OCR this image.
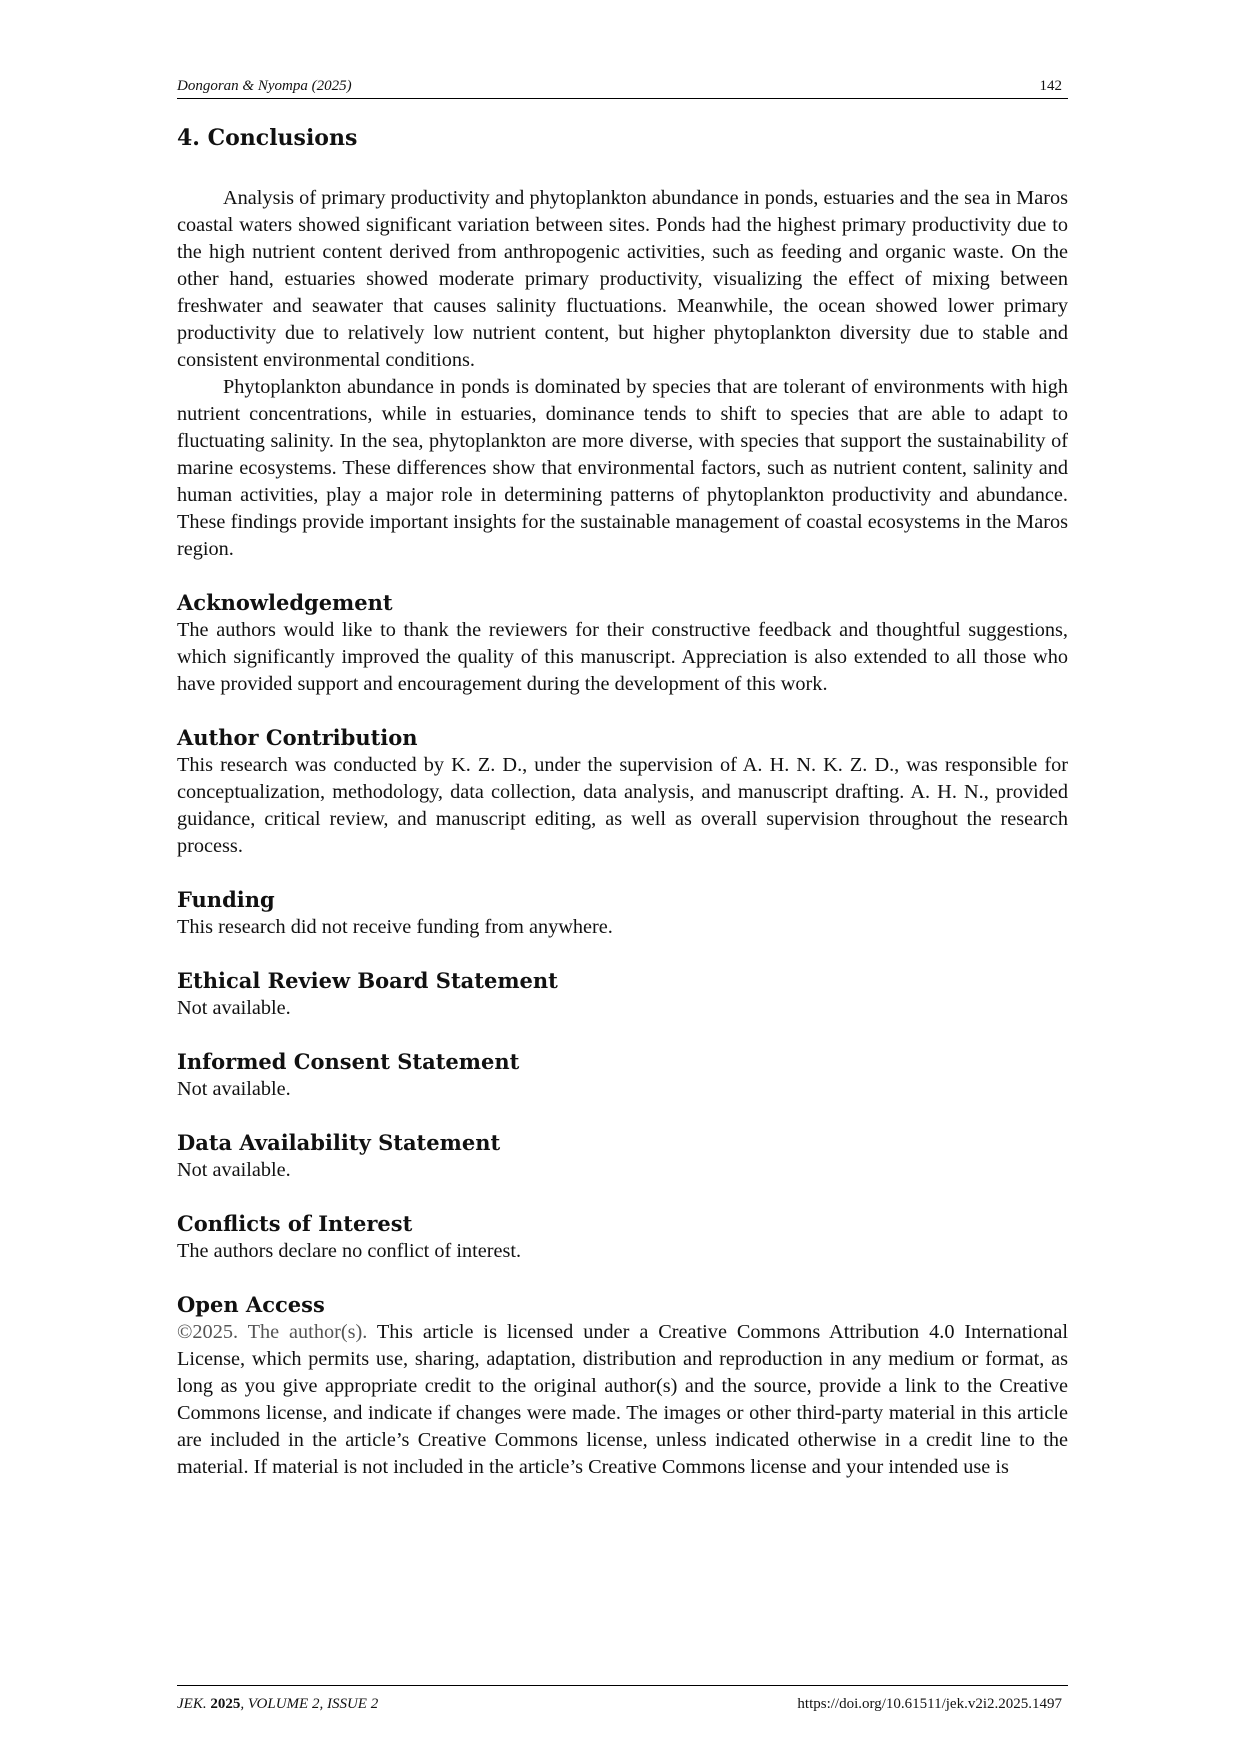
Dongoran & Nyompa (2025)	142
4. Conclusions

Analysis of primary productivity and phytoplankton abundance in ponds, estuaries and the sea in Maros coastal waters showed significant variation between sites. Ponds had the highest primary productivity due to the high nutrient content derived from anthropogenic activities, such as feeding and organic waste. On the other hand, estuaries showed moderate primary productivity, visualizing the effect of mixing between freshwater and seawater that causes salinity fluctuations. Meanwhile, the ocean showed lower primary productivity due to relatively low nutrient content, but higher phytoplankton diversity due to stable and consistent environmental conditions.

Phytoplankton abundance in ponds is dominated by species that are tolerant of environments with high nutrient concentrations, while in estuaries, dominance tends to shift to species that are able to adapt to fluctuating salinity. In the sea, phytoplankton are more diverse, with species that support the sustainability of marine ecosystems. These differences show that environmental factors, such as nutrient content, salinity and human activities, play a major role in determining patterns of phytoplankton productivity and abundance. These findings provide important insights for the sustainable management of coastal ecosystems in the Maros region.

Acknowledgement

The authors would like to thank the reviewers for their constructive feedback and thoughtful suggestions, which significantly improved the quality of this manuscript. Appreciation is also extended to all those who have provided support and encouragement during the development of this work.

Author Contribution

This research was conducted by K. Z. D., under the supervision of A. H. N. K. Z. D., was responsible for conceptualization, methodology, data collection, data analysis, and manuscript drafting. A. H. N., provided guidance, critical review, and manuscript editing, as well as overall supervision throughout the research process.

Funding

This research did not receive funding from anywhere.

Ethical Review Board Statement

Not available.

Informed Consent Statement

Not available.

Data Availability Statement

Not available.

Conflicts of Interest

The authors declare no conflict of interest.

Open Access

©2025. The author(s). This article is licensed under a Creative Commons Attribution 4.0 International License, which permits use, sharing, adaptation, distribution and reproduction in any medium or format, as long as you give appropriate credit to the original author(s) and the source, provide a link to the Creative Commons license, and indicate if changes were made. The images or other third-party material in this article are included in the article’s Creative Commons license, unless indicated otherwise in a credit line to the material. If material is not included in the article’s Creative Commons license and your intended use is

JEK. 2025, VOLUME 2, ISSUE 2	https://doi.org/10.61511/jek.v2i2.2025.1497
